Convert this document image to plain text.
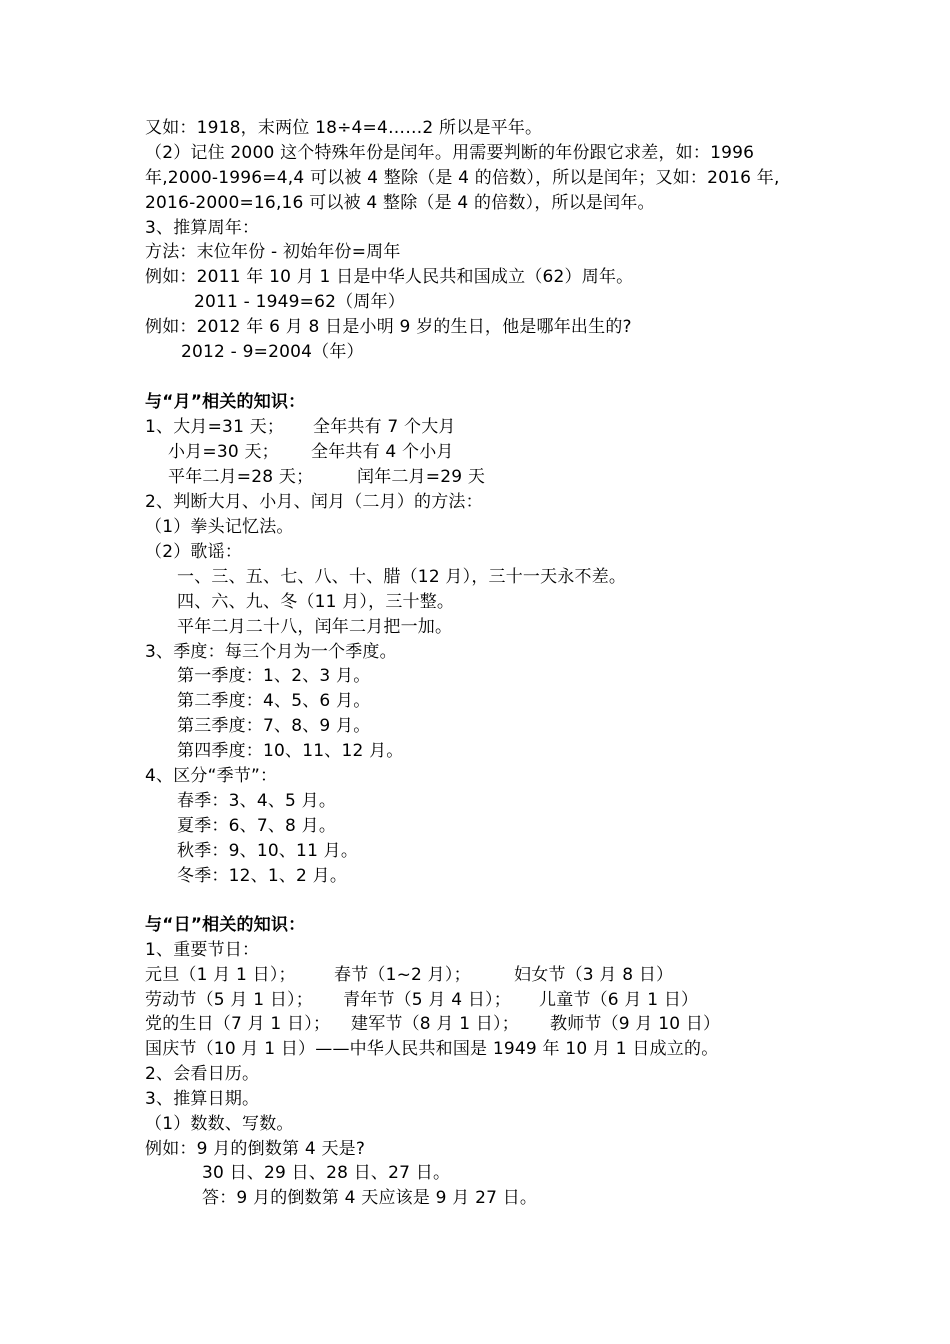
又如：1918，末两位 18÷4=4……2 所以是平年。
（2）记住 2000 这个特殊年份是闰年。用需要判断的年份跟它求差，如：1996
年,2000-1996=4,4 可以被 4 整除（是 4 的倍数），所以是闰年；又如：2016 年,
2016-2000=16,16 可以被 4 整除（是 4 的倍数），所以是闰年。
3、推算周年：
方法：末位年份 - 初始年份=周年
例如：2011 年 10 月 1 日是中华人民共和国成立（62）周年。
2011 - 1949=62（周年）
例如：2012 年 6 月 8 日是小明 9 岁的生日，他是哪年出生的?
2012 - 9=2004（年）
与“月”相关的知识：
1、大月=31 天； 全年共有 7 个大月
小月=30 天； 全年共有 4 个小月
平年二月=28 天；	闰年二月=29 天
2、判断大月、小月、闰月（二月）的方法：
（1）拳头记忆法。
（2）歌谣：
一、三、五、七、八、十、腊（12 月），三十一天永不差。
四、六、九、冬（11 月），三十整。
平年二月二十八，闰年二月把一加。
3、季度：每三个月为一个季度。
第一季度：1、2、3 月。
第二季度：4、5、6 月。
第三季度：7、8、9 月。
第四季度：10、11、12 月。
4、区分“季节”：
春季：3、4、5 月。
夏季：6、7、8 月。
秋季：9、10、11 月。
冬季：12、1、2 月。
与“日”相关的知识：
1、重要节日：
元旦（1 月 1 日）； 春节（1~2 月）；	妇女节（3 月 8 日）
劳动节（5 月 1 日）； 青年节（5 月 4 日）； 儿童节（6 月 1 日）
党的生日（7 月 1 日）； 建军节（8 月 1 日）； 教师节（9 月 10 日）
国庆节（10 月 1 日）——中华人民共和国是 1949 年 10 月 1 日成立的。
2、会看日历。
3、推算日期。
（1）数数、写数。
例如：9 月的倒数第 4 天是?
30 日、29 日、28 日、27 日。
答：9 月的倒数第 4 天应该是 9 月 27 日。
